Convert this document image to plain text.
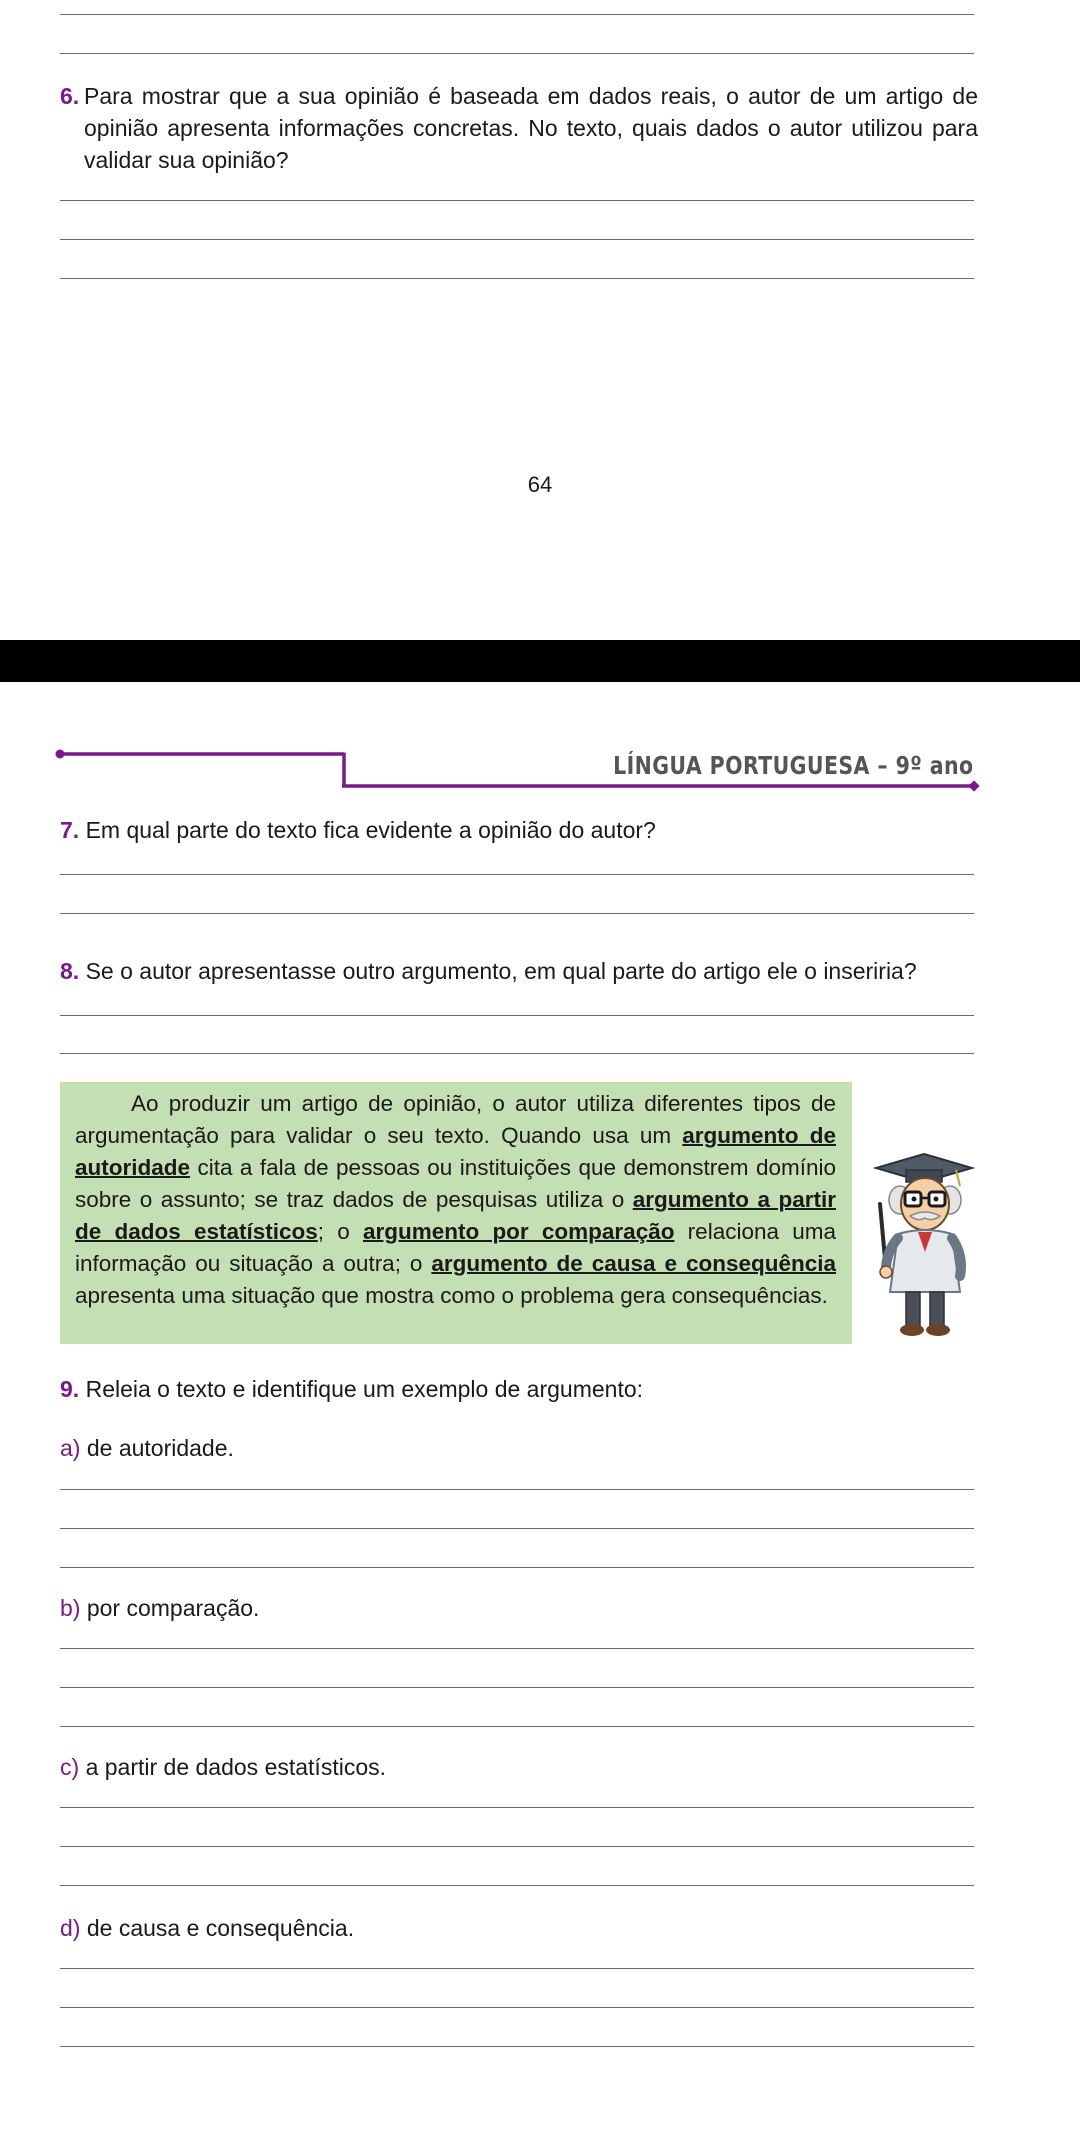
6. Para mostrar que a sua opinião é baseada em dados reais, o autor de um artigo de opinião apresenta informações concretas. No texto, quais dados o autor utilizou para validar sua opinião?
64
LÍNGUA PORTUGUESA – 9º ano
7. Em qual parte do texto fica evidente a opinião do autor?
8. Se o autor apresentasse outro argumento, em qual parte do artigo ele o inseriria?

Ao produzir um artigo de opinião, o autor utiliza diferentes tipos de argumentação para validar o seu texto. Quando usa um argumento de autoridade cita a fala de pessoas ou instituições que demonstrem domínio sobre o assunto; se traz dados de pesquisas utiliza o argumento a partir de dados estatísticos; o argumento por comparação relaciona uma informação ou situação a outra; o argumento de causa e consequência apresenta uma situação que mostra como o problema gera consequências.

9. Releia o texto e identifique um exemplo de argumento:
a) de autoridade.
b) por comparação.
c) a partir de dados estatísticos.
d) de causa e consequência.
